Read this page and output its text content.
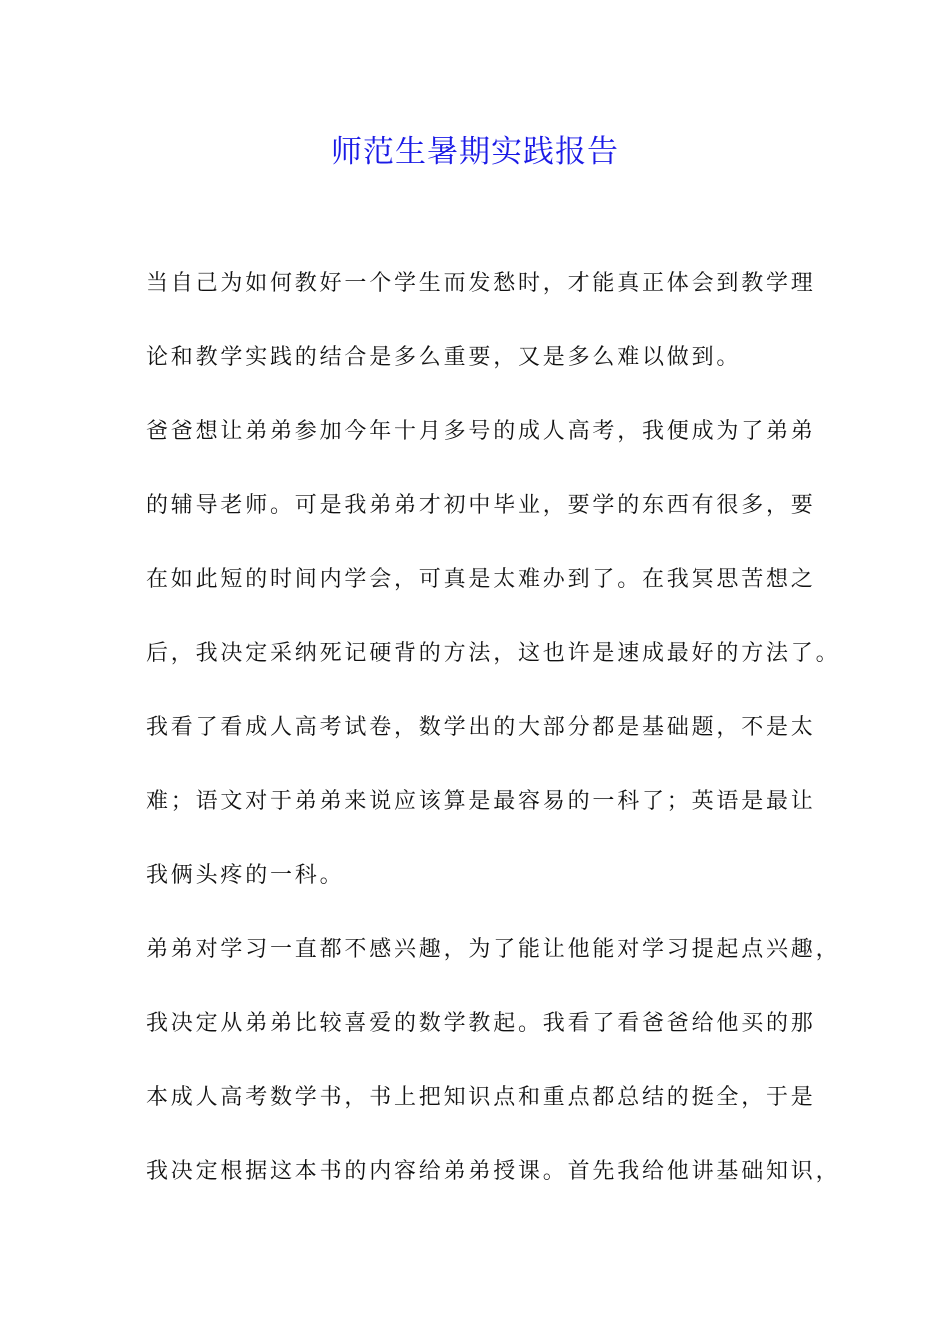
师范生暑期实践报告
当自己为如何教好一个学生而发愁时，才能真正体会到教学理
论和教学实践的结合是多么重要，又是多么难以做到。
爸爸想让弟弟参加今年十月多号的成人高考，我便成为了弟弟
的辅导老师。可是我弟弟才初中毕业，要学的东西有很多，要
在如此短的时间内学会，可真是太难办到了。在我冥思苦想之
后，我决定采纳死记硬背的方法，这也许是速成最好的方法了。
我看了看成人高考试卷，数学出的大部分都是基础题，不是太
难；语文对于弟弟来说应该算是最容易的一科了；英语是最让
我俩头疼的一科。
弟弟对学习一直都不感兴趣，为了能让他能对学习提起点兴趣，
我决定从弟弟比较喜爱的数学教起。我看了看爸爸给他买的那
本成人高考数学书，书上把知识点和重点都总结的挺全，于是
我决定根据这本书的内容给弟弟授课。首先我给他讲基础知识，
